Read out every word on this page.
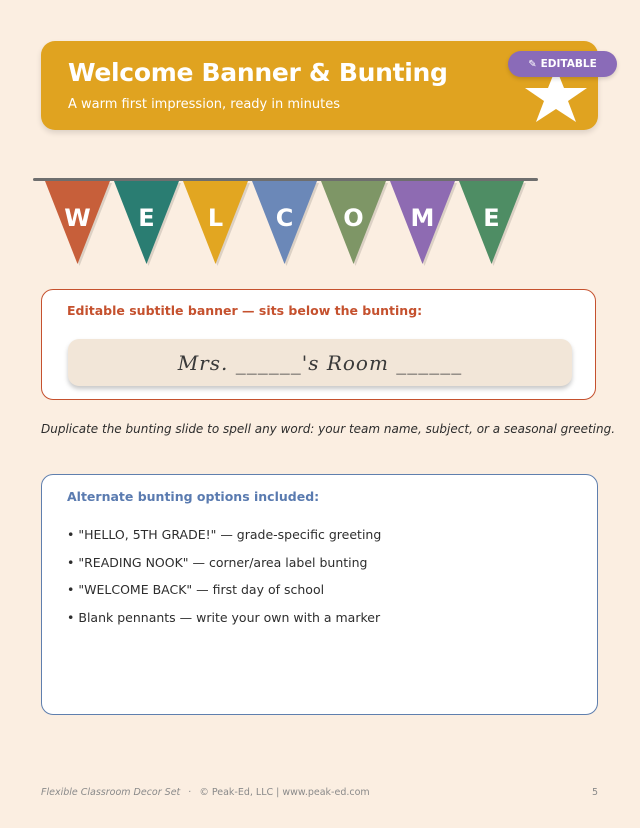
Welcome Banner & Bunting
A warm first impression, ready in minutes
✎ EDITABLE
W E L C O M E
Editable subtitle banner — sits below the bunting:
Mrs. ______'s Room ______
Duplicate the bunting slide to spell any word: your team name, subject, or a seasonal greeting.
Alternate bunting options included:
• "HELLO, 5TH GRADE!" — grade-specific greeting
• "READING NOOK" — corner/area label bunting
• "WELCOME BACK" — first day of school
• Blank pennants — write your own with a marker
Flexible Classroom Decor Set · © Peak-Ed, LLC | www.peak-ed.com	5
